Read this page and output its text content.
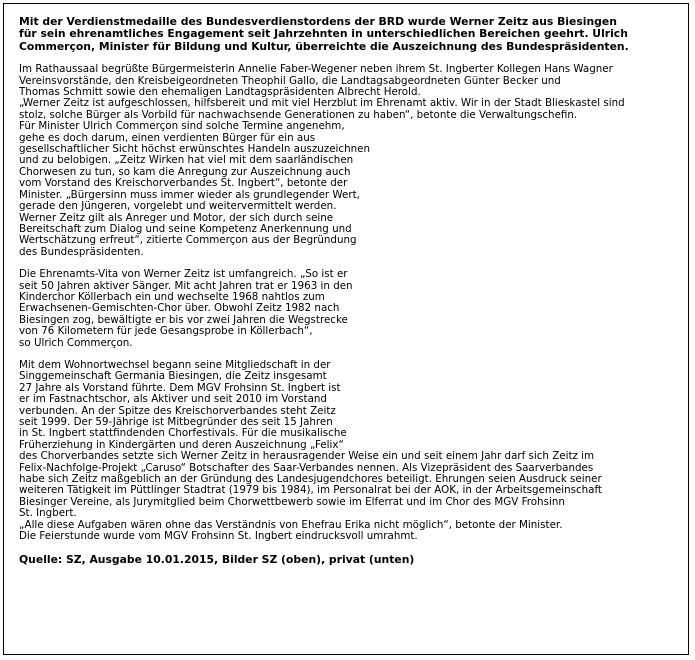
Mit der Verdienstmedaille des Bundesverdienstordens der BRD wurde Werner Zeitz aus Biesingen
für sein ehrenamtliches Engagement seit Jahrzehnten in unterschiedlichen Bereichen geehrt. Ulrich
Commerçon, Minister für Bildung und Kultur, überreichte die Auszeichnung des Bundespräsidenten.
Im Rathaussaal begrüßte Bürgermeisterin Annelie Faber-Wegener neben ihrem St. Ingberter Kollegen Hans Wagner
Vereinsvorstände, den Kreisbeigeordneten Theophil Gallo, die Landtagsabgeordneten Günter Becker und
Thomas Schmitt sowie den ehemaligen Landtagspräsidenten Albrecht Herold.
„Werner Zeitz ist aufgeschlossen, hilfsbereit und mit viel Herzblut im Ehrenamt aktiv. Wir in der Stadt Blieskastel sind
stolz, solche Bürger als Vorbild für nachwachsende Generationen zu haben“, betonte die Verwaltungschefin.
Für Minister Ulrich Commerçon sind solche Termine angenehm,
gehe es doch darum, einen verdienten Bürger für ein aus
gesellschaftlicher Sicht höchst erwünschtes Handeln auszuzeichnen
und zu belobigen. „Zeitz Wirken hat viel mit dem saarländischen
Chorwesen zu tun, so kam die Anregung zur Auszeichnung auch
vom Vorstand des Kreischorverbandes St. Ingbert“, betonte der
Minister. „Bürgersinn muss immer wieder als grundlegender Wert,
gerade den Jüngeren, vorgelebt und weitervermittelt werden.
Werner Zeitz gilt als Anreger und Motor, der sich durch seine
Bereitschaft zum Dialog und seine Kompetenz Anerkennung und
Wertschätzung erfreut“, zitierte Commerçon aus der Begründung
des Bundespräsidenten.
Die Ehrenamts-Vita von Werner Zeitz ist umfangreich. „So ist er
seit 50 Jahren aktiver Sänger. Mit acht Jahren trat er 1963 in den
Kinderchor Köllerbach ein und wechselte 1968 nahtlos zum
Erwachsenen-Gemischten-Chor über. Obwohl Zeitz 1982 nach
Biesingen zog, bewältigte er bis vor zwei Jahren die Wegstrecke
von 76 Kilometern für jede Gesangsprobe in Köllerbach“,
so Ulrich Commerçon.
Mit dem Wohnortwechsel begann seine Mitgliedschaft in der
Singgemeinschaft Germania Biesingen, die Zeitz insgesamt
27 Jahre als Vorstand führte. Dem MGV Frohsinn St. Ingbert ist
er im Fastnachtschor, als Aktiver und seit 2010 im Vorstand
verbunden. An der Spitze des Kreischorverbandes steht Zeitz
seit 1999. Der 59-Jährige ist Mitbegründer des seit 15 Jahren
in St. Ingbert stattfindenden Chorfestivals. Für die musikalische
Früherziehung in Kindergärten und deren Auszeichnung „Felix“
des Chorverbandes setzte sich Werner Zeitz in herausragender Weise ein und seit einem Jahr darf sich Zeitz im
Felix-Nachfolge-Projekt „Caruso“ Botschafter des Saar-Verbandes nennen. Als Vizepräsident des Saarverbandes
habe sich Zeitz maßgeblich an der Gründung des Landesjugendchores beteiligt. Ehrungen seien Ausdruck seiner
weiteren Tätigkeit im Püttlinger Stadtrat (1979 bis 1984), im Personalrat bei der AOK, in der Arbeitsgemeinschaft
Biesinger Vereine, als Jurymitglied beim Chorwettbewerb sowie im Elferrat und im Chor des MGV Frohsinn
St. Ingbert.
„Alle diese Aufgaben wären ohne das Verständnis von Ehefrau Erika nicht möglich“, betonte der Minister.
Die Feierstunde wurde vom MGV Frohsinn St. Ingbert eindrucksvoll umrahmt.
Quelle: SZ, Ausgabe 10.01.2015, Bilder SZ (oben), privat (unten)
